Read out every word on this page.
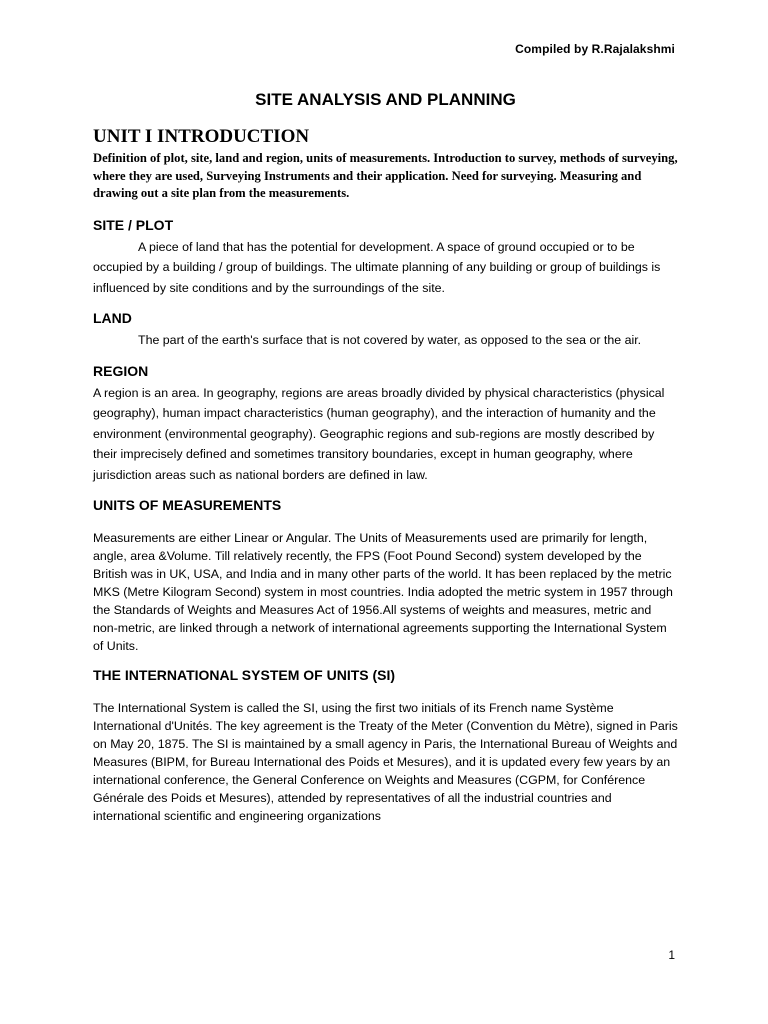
Compiled by R.Rajalakshmi
SITE ANALYSIS AND PLANNING
UNIT I INTRODUCTION

Definition of plot, site, land and region, units of measurements. Introduction to survey, methods of surveying, where they are used, Surveying Instruments and their application. Need for surveying. Measuring and drawing out a site plan from the measurements.

SITE / PLOT

A piece of land that has the potential for development. A space of ground occupied or to be occupied by a building / group of buildings. The ultimate planning of any building or group of buildings is influenced by site conditions and by the surroundings of the site.

LAND

The part of the earth's surface that is not covered by water, as opposed to the sea or the air.

REGION

A region is an area. In geography, regions are areas broadly divided by physical characteristics (physical geography), human impact characteristics (human geography), and the interaction of humanity and the environment (environmental geography). Geographic regions and sub-regions are mostly described by their imprecisely defined and sometimes transitory boundaries, except in human geography, where jurisdiction areas such as national borders are defined in law.

UNITS OF MEASUREMENTS

Measurements are either Linear or Angular. The Units of Measurements used are primarily for length, angle, area &Volume. Till relatively recently, the FPS (Foot Pound Second) system developed by the British was in UK, USA, and India and in many other parts of the world. It has been replaced by the metric MKS (Metre Kilogram Second) system in most countries. India adopted the metric system in 1957 through the Standards of Weights and Measures Act of 1956.All systems of weights and measures, metric and non-metric, are linked through a network of international agreements supporting the International System of Units.

THE INTERNATIONAL SYSTEM OF UNITS (SI)

The International System is called the SI, using the first two initials of its French name Système International d'Unités. The key agreement is the Treaty of the Meter (Convention du Mètre), signed in Paris on May 20, 1875. The SI is maintained by a small agency in Paris, the International Bureau of Weights and Measures (BIPM, for Bureau International des Poids et Mesures), and it is updated every few years by an international conference, the General Conference on Weights and Measures (CGPM, for Conférence Générale des Poids et Mesures), attended by representatives of all the industrial countries and international scientific and engineering organizations

1
